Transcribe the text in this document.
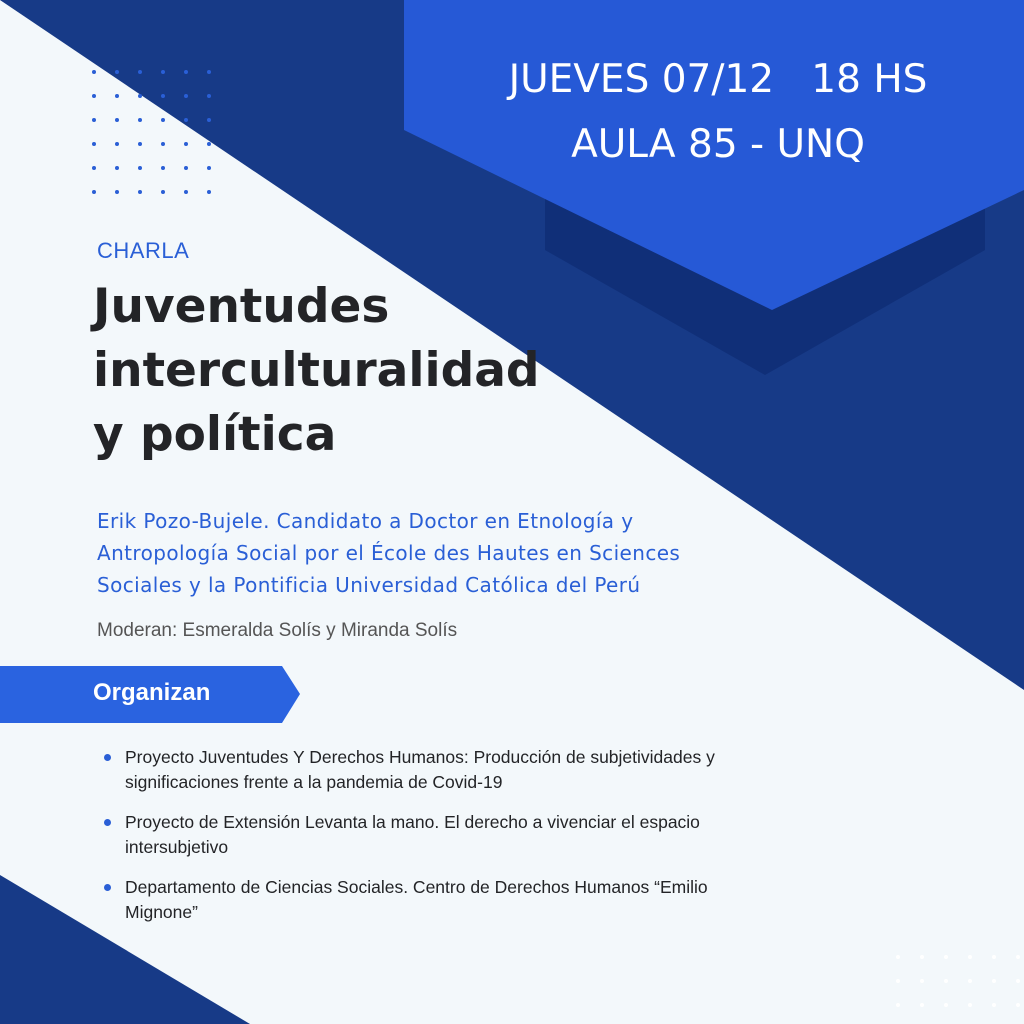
JUEVES 07/12   18 HS
AULA 85 - UNQ
CHARLA
Juventudes
interculturalidad
y política

Erik Pozo-Bujele. Candidato a Doctor en Etnología y
Antropología Social por el École des Hautes en Sciences
Sociales y la Pontificia Universidad Católica del Perú

Moderan: Esmeralda Solís y Miranda Solís
Organizan
Proyecto Juventudes Y Derechos Humanos: Producción de subjetividades y
significaciones frente a la pandemia de Covid-19
Proyecto de Extensión Levanta la mano. El derecho a vivenciar el espacio
intersubjetivo
Departamento de Ciencias Sociales. Centro de Derechos Humanos “Emilio
Mignone”
